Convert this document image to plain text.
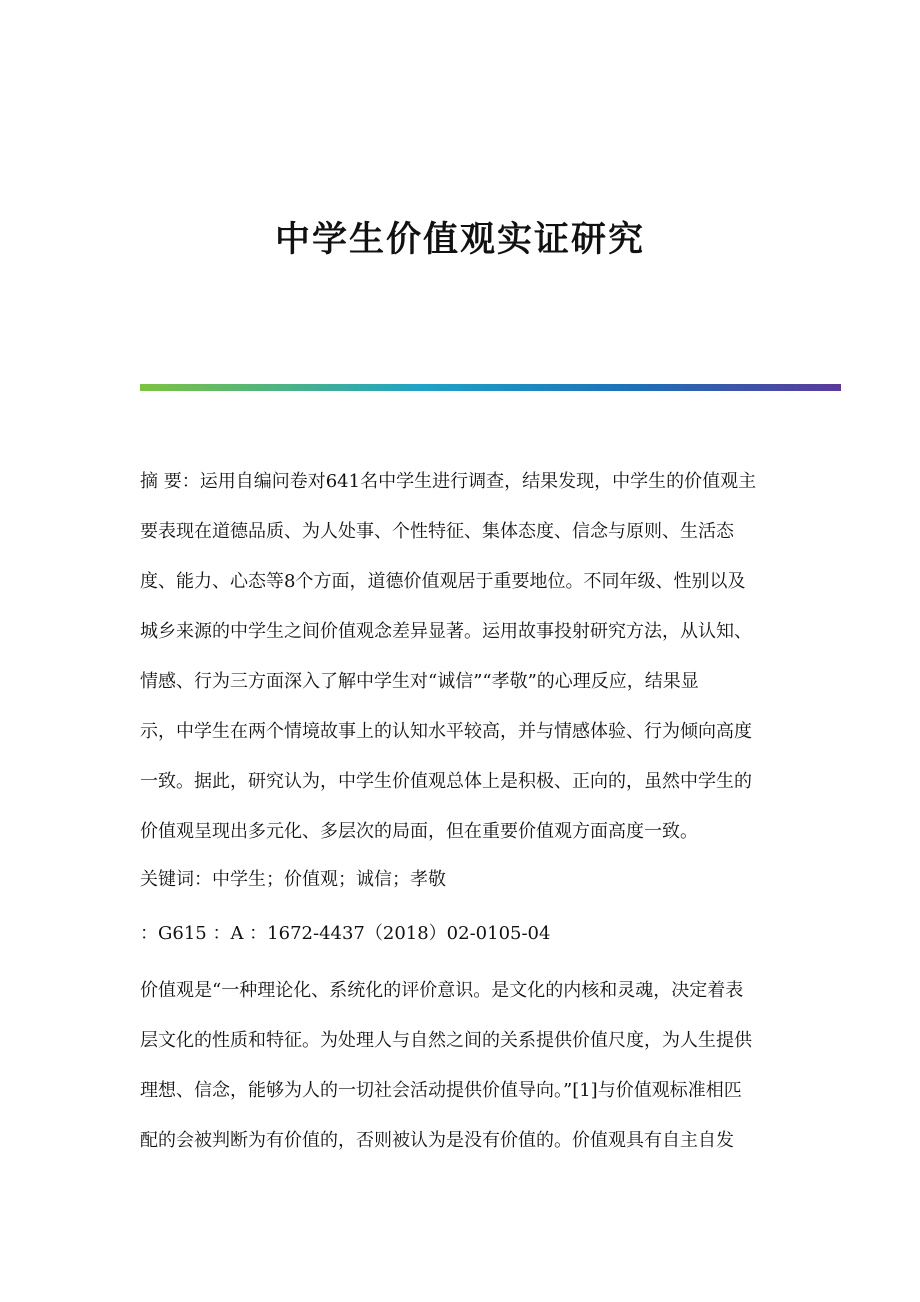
中学生价值观实证研究

摘 要：运用自编问卷对641名中学生进行调查，结果发现，中学生的价值观主

要表现在道德品质、为人处事、个性特征、集体态度、信念与原则、生活态

度、能力、心态等8个方面，道德价值观居于重要地位。不同年级、性别以及

城乡来源的中学生之间价值观念差异显著。运用故事投射研究方法，从认知、

情感、行为三方面深入了解中学生对“诚信”“孝敬”的心理反应，结果显

示，中学生在两个情境故事上的认知水平较高，并与情感体验、行为倾向高度

一致。据此，研究认为，中学生价值观总体上是积极、正向的，虽然中学生的

价值观呈现出多元化、多层次的局面，但在重要价值观方面高度一致。

关键词：中学生；价值观；诚信；孝敬

：G615 ：A ：1672-4437（2018）02-0105-04

价值观是“一种理论化、系统化的评价意识。是文化的内核和灵魂，决定着表

层文化的性质和特征。为处理人与自然之间的关系提供价值尺度，为人生提供

理想、信念，能够为人的一切社会活动提供价值导向。”[1]与价值观标准相匹

配的会被判断为有价值的，否则被认为是没有价值的。价值观具有自主自发
